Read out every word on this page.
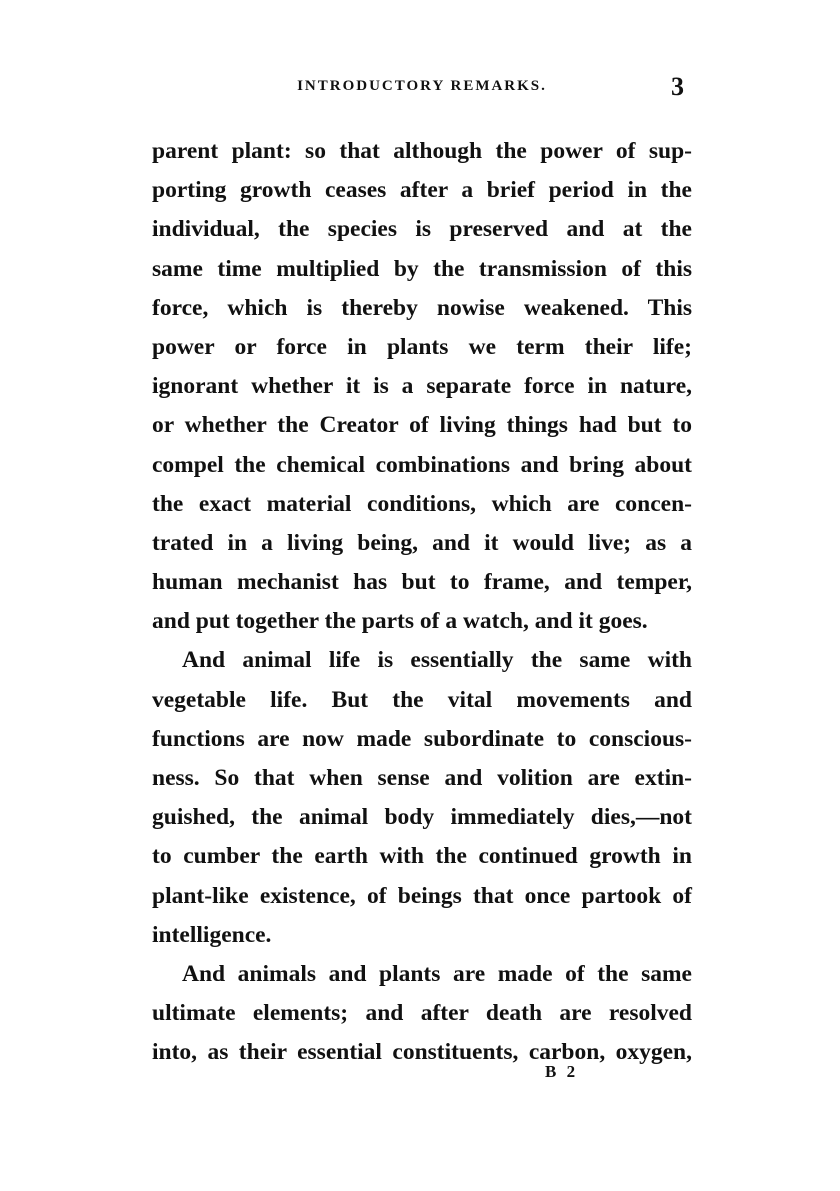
INTRODUCTORY REMARKS.	3
parent plant: so that although the power of sup-
porting growth ceases after a brief period in the
individual, the species is preserved and at the
same time multiplied by the transmission of this
force, which is thereby nowise weakened. This
power or force in plants we term their life;
ignorant whether it is a separate force in nature,
or whether the Creator of living things had but to
compel the chemical combinations and bring about
the exact material conditions, which are concen-
trated in a living being, and it would live; as a
human mechanist has but to frame, and temper,
and put together the parts of a watch, and it goes.
And animal life is essentially the same with
vegetable life. But the vital movements and
functions are now made subordinate to conscious-
ness. So that when sense and volition are extin-
guished, the animal body immediately dies,—not
to cumber the earth with the continued growth in
plant-like existence, of beings that once partook of
intelligence.
And animals and plants are made of the same
ultimate elements; and after death are resolved
into, as their essential constituents, carbon, oxygen,
B 2
